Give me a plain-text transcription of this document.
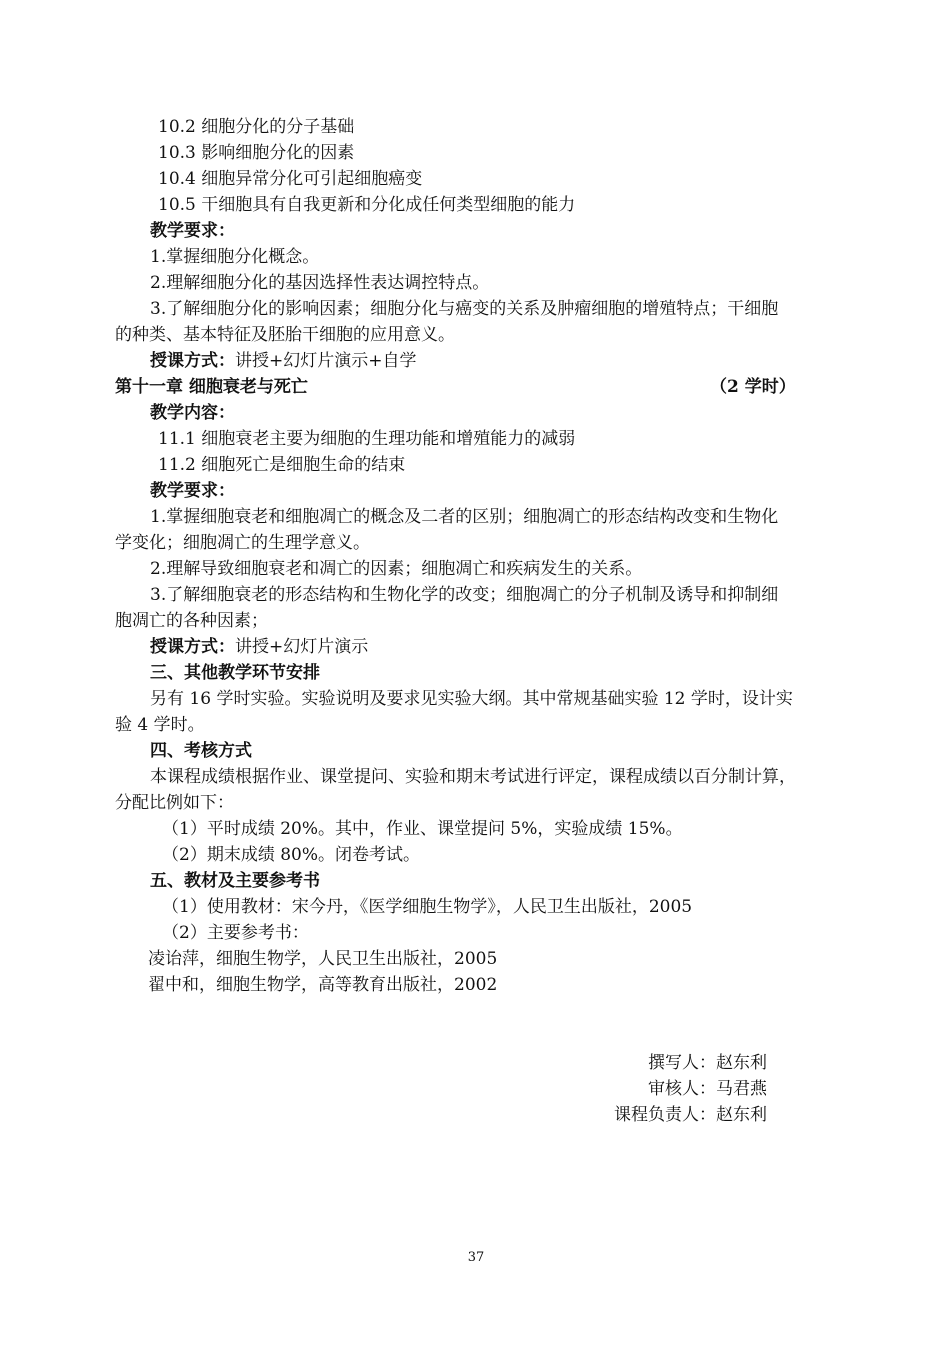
10.2 细胞分化的分子基础
10.3 影响细胞分化的因素
10.4 细胞异常分化可引起细胞癌变
10.5 干细胞具有自我更新和分化成任何类型细胞的能力
教学要求：
1.掌握细胞分化概念。
2.理解细胞分化的基因选择性表达调控特点。
3.了解细胞分化的影响因素；细胞分化与癌变的关系及肿瘤细胞的增殖特点；干细胞
的种类、基本特征及胚胎干细胞的应用意义。
授课方式：讲授+幻灯片演示+自学
第十一章 细胞衰老与死亡	（2 学时）
教学内容：
11.1 细胞衰老主要为细胞的生理功能和增殖能力的减弱
11.2 细胞死亡是细胞生命的结束
教学要求：
1.掌握细胞衰老和细胞凋亡的概念及二者的区别；细胞凋亡的形态结构改变和生物化
学变化；细胞凋亡的生理学意义。
2.理解导致细胞衰老和凋亡的因素；细胞凋亡和疾病发生的关系。
3.了解细胞衰老的形态结构和生物化学的改变；细胞凋亡的分子机制及诱导和抑制细
胞凋亡的各种因素；
授课方式：讲授+幻灯片演示
三、其他教学环节安排
另有 16 学时实验。实验说明及要求见实验大纲。其中常规基础实验 12 学时，设计实
验 4 学时。
四、考核方式
本课程成绩根据作业、课堂提问、实验和期末考试进行评定，课程成绩以百分制计算，
分配比例如下：
（1）平时成绩 20%。其中，作业、课堂提问 5%，实验成绩 15%。
（2）期末成绩 80%。闭卷考试。
五、教材及主要参考书
（1）使用教材：宋今丹，《医学细胞生物学》，人民卫生出版社，2005
（2）主要参考书：
凌诒萍，细胞生物学，人民卫生出版社，2005
翟中和，细胞生物学，高等教育出版社，2002
撰写人：赵东利
审核人：马君燕
课程负责人：赵东利
37
